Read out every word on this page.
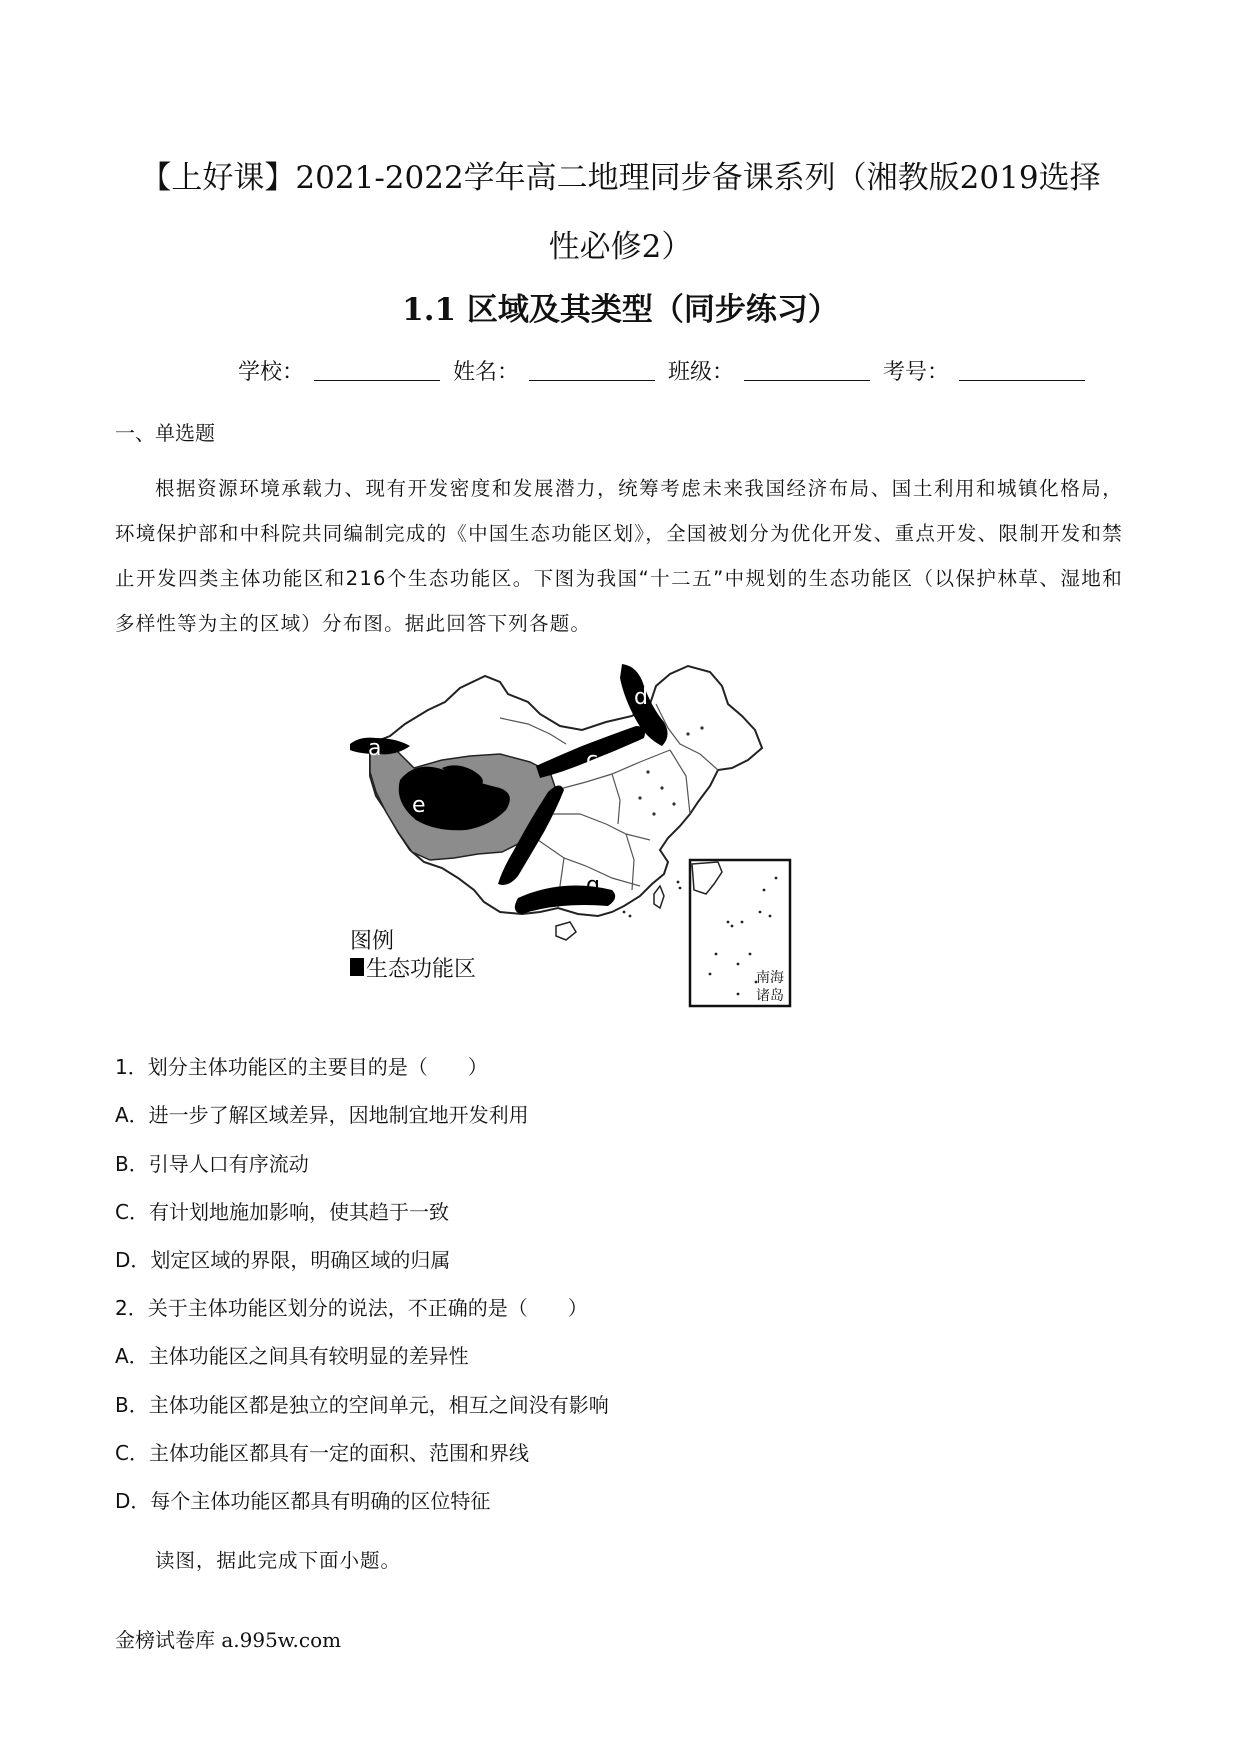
【上好课】2021-2022学年高二地理同步备课系列（湘教版2019选择
性必修2）
1.1 区域及其类型（同步练习）
学校：	姓名：	班级：	考号：
一、单选题
根据资源环境承载力、现有开发密度和发展潜力，统筹考虑未来我国经济布局、国土利用和城镇化格局，环境保护部和中科院共同编制完成的《中国生态功能区划》，全国被划分为优化开发、重点开发、限制开发和禁止开发四类主体功能区和216个生态功能区。下图为我国“十二五”中规划的生态功能区（以保护林草、湿地和多样性等为主的区域）分布图。据此回答下列各题。
a
b
c
d
e	f
g
图例
生态功能区	南海
诸岛
1．划分主体功能区的主要目的是（　　）
A．进一步了解区域差异，因地制宜地开发利用
B．引导人口有序流动
C．有计划地施加影响，使其趋于一致
D．划定区域的界限，明确区域的归属
2．关于主体功能区划分的说法，不正确的是（　　）
A．主体功能区之间具有较明显的差异性
B．主体功能区都是独立的空间单元，相互之间没有影响
C．主体功能区都具有一定的面积、范围和界线
D．每个主体功能区都具有明确的区位特征
读图，据此完成下面小题。
金榜试卷库 a.995w.com
